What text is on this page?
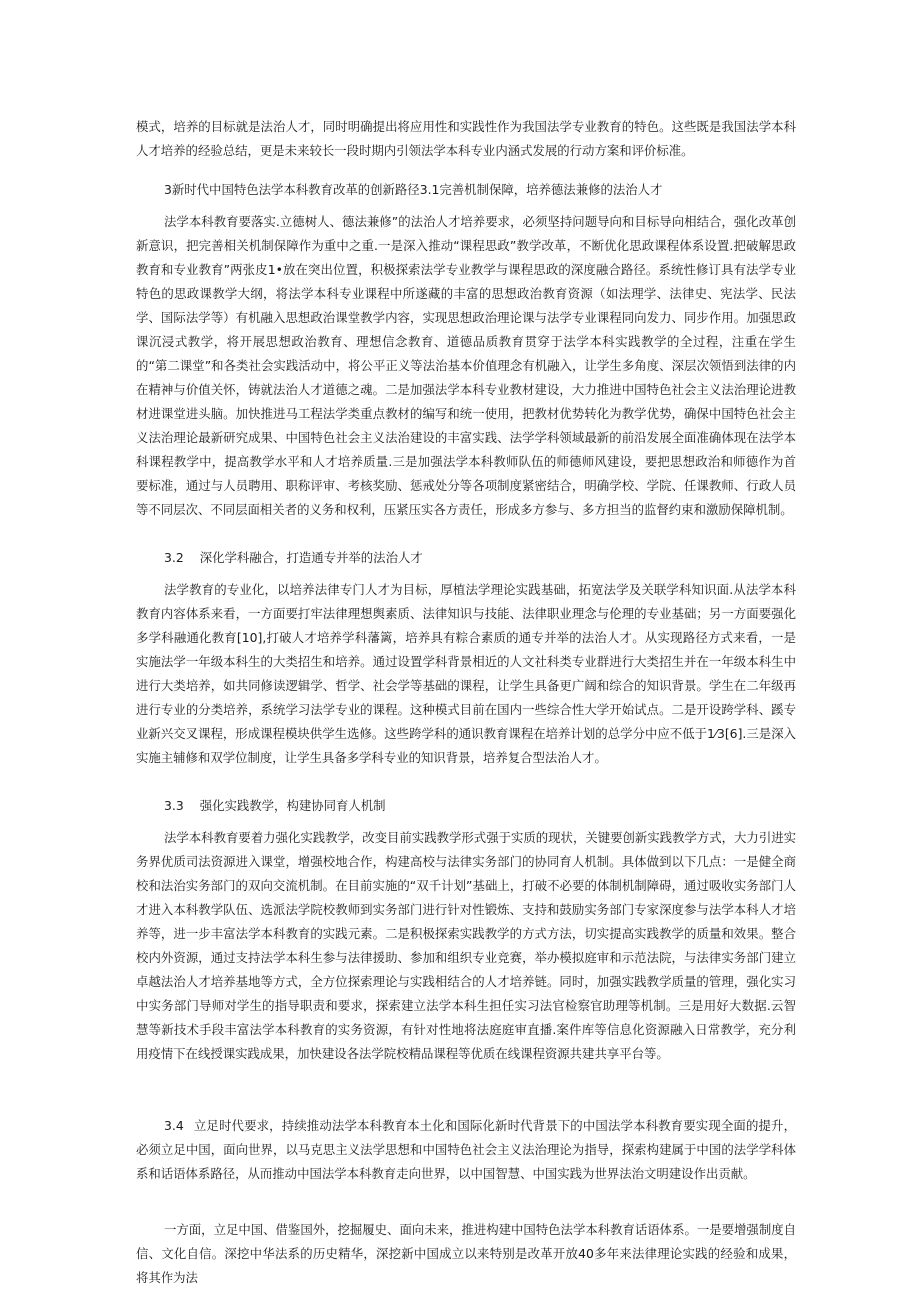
模式，培养的目标就是法治人才，同时明确提出将应用性和实践性作为我国法学专业教育的特色。这些既是我国法学本科人才培养的经验总结，更是未来较长一段时期内引领法学本科专业内涵式发展的行动方案和评价标准。

3新时代中国特色法学本科教育改革的创新路径3.1完善机制保障，培养德法兼修的法治人才

法学本科教育要落实.立德树人、德法兼修”的法治人才培养要求，必须坚持问题导向和目标导向相结合，强化改革创新意识，把完善相关机制保障作为重中之重.一是深入推动“课程思政”教学改革，不断优化思政课程体系设置.把破解思政教育和专业教育”两张皮1•放在突出位置，积极探索法学专业教学与课程思政的深度融合路径。系统性修订具有法学专业特色的思政课教学大纲，将法学本科专业课程中所遂藏的丰富的思想政治教育资源（如法理学、法律史、宪法学、民法学、国际法学等）有机融入思想政治课堂教学内容，实现思想政治理论课与法学专业课程同向发力、同步作用。加强思政课沉浸式教学，将开展思想政治教育、理想信念教育、道德品质教育贯穿于法学本科实践教学的全过程，注重在学生的“第二课堂”和各类社会实践活动中，将公平正义等法治基本价值理念有机融入，让学生多角度、深层次领悟到法律的内在精神与价值关怀，铸就法治人才道德之魂。二是加强法学本科专业教材建设，大力推进中国特色社会主义法治理论进教材进课堂进头脑。加快推进马工程法学类重点教材的编写和统一使用，把教材优势转化为教学优势，确保中国特色社会主义法治理论最新研究成果、中国特色社会主义法治建设的丰富实践、法学学科领域最新的前沿发展全面准确体现在法学本科课程教学中，提高教学水平和人才培养质量.三是加强法学本科教师队伍的师德师风建设，要把思想政治和师德作为首要标准，通过与人员聘用、职称评审、考核奖励、惩戒处分等各项制度紧密结合，明确学校、学院、任课教师、行政人员等不同层次、不同层面相关者的义务和权利，压紧压实各方责任，形成多方参与、多方担当的监督约束和激励保障机制。

3.2 深化学科融合，打造通专并举的法治人才

法学教育的专业化，以培养法律专门人才为目标，厚植法学理论实践基础，拓宽法学及关联学科知识面.从法学本科教育内容体系来看，一方面要打牢法律理想舆素质、法律知识与技能、法律职业理念与伦理的专业基础；另一方面要强化多学科融通化教育[10],打破人才培养学科藩篱，培养具有粽合素质的通专并举的法治人才。从实现路径方式来看，一是实施法学一年级本科生的大类招生和培养。通过设置学科背景相近的人文社科类专业群进行大类招生并在一年级本科生中进行大类培养，如共同修读逻辑学、哲学、社会学等基础的课程，让学生具备更广阔和综合的知识背景。学生在二年级再进行专业的分类培养，系统学习法学专业的课程。这种模式目前在国内一些综合性大学开始试点。二是开设跨学科、蹊专业新兴交叉课程，形成课程模块供学生选修。这些跨学科的通识教育课程在培养计划的总学分中应不低于1⁄3[6].三是深入实施主辅修和双学位制度，让学生具备多学科专业的知识背景，培养复合型法治人才。

3.3 强化实践教学，构建协同育人机制

法学本科教育要着力强化实践教学，改变目前实践教学形式强于实质的现状，关键要创新实践教学方式，大力引进实务界优质司法资源进入课堂，增强校地合作，构建高校与法律实务部门的协同育人机制。具体做到以下几点：一是健全商校和法治实务部门的双向交流机制。在目前实施的“双千计划”基础上，打破不必要的体制机制障碍，通过吸收实务部门人才进入本科教学队伍、选派法学院校教师到实务部门进行针对性锻炼、支持和鼓励实务部门专家深度参与法学本科人才培养等，进一步丰富法学本科教育的实践元素。二是积极探索实践教学的方式方法，切实提高实践教学的质量和效果。整合校内外资源，通过支持法学本科生参与法律援助、参加和组织专业竞赛，举办模拟庭审和示范法院，与法律实务部门建立卓越法治人才培养基地等方式，全方位探索理论与实践相结合的人才培养链。同时，加强实践教学质量的管理，强化实习中实务部门导师对学生的指导职责和要求，探索建立法学本科生担任实习法官检察官助理等机制。三是用好大数据.云智慧等新技术手段丰富法学本科教育的实务资源，有针对性地将法庭庭审直播.案件库等信息化资源融入日常教学，充分利用疫情下在线授课实践成果，加快建设各法学院校精品课程等优质在线课程资源共建共享平台等。

3.4 立足时代要求，持续推动法学本科教育本土化和国际化新时代背景下的中国法学本科教育要实现全面的提升，必须立足中国，面向世界，以马克思主义法学思想和中国特色社会主义法治理论为指导，探索构建属于中国的法学学科体系和话语体系路径，从而推动中国法学本科教育走向世界，以中国智慧、中国实践为世界法治文明建设作出贡献。

一方面，立足中国、借鉴国外，挖掘履史、面向未来，推进构建中国特色法学本科教育话语体系。一是要增强制度自信、文化自信。深挖中华法系的历史精华，深挖新中国成立以来特别是改革开放40多年来法律理论实践的经验和成果，将其作为法
